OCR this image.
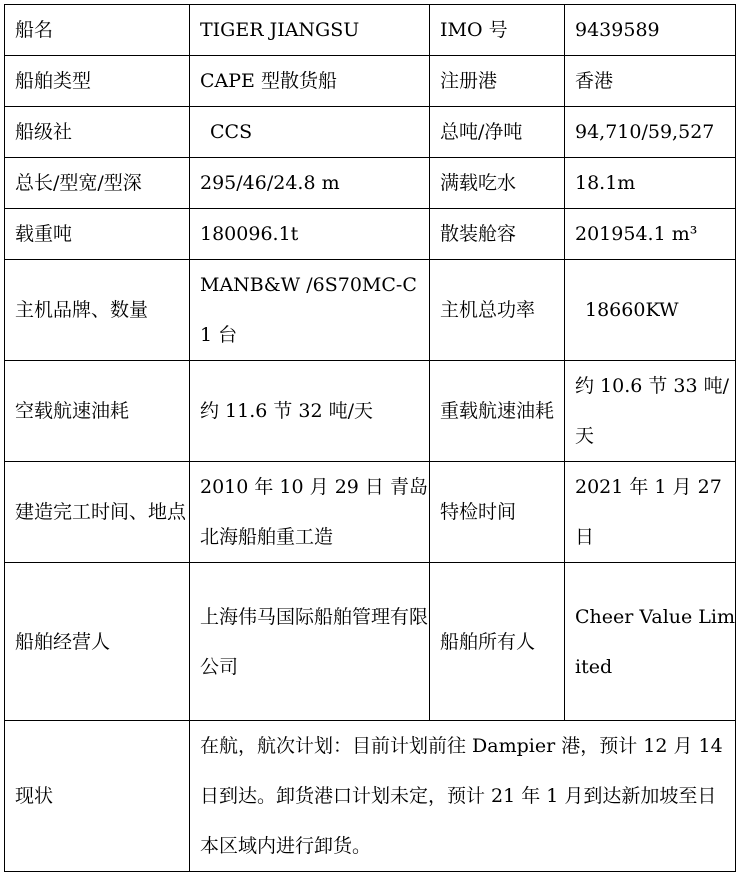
船名	TIGER JIANGSU	IMO 号	9439589
船舶类型	CAPE 型散货船	注册港	香港
船级社	CCS	总吨/净吨	94,710/59,527
总长/型宽/型深	295/46/24.8 m	满载吃水	18.1m
载重吨	180096.1t	散装舱容	201954.1 m³
主机品牌、数量	MANB&W /6S70MC-C 1 台	主机总功率	18660KW
空载航速油耗	约 11.6 节 32 吨/天	重载航速油耗	约 10.6 节 33 吨/天
建造完工时间、地点	2010 年 10 月 29 日 青岛北海船舶重工造	特检时间	2021 年 1 月 27 日
船舶经营人	上海伟马国际船舶管理有限公司	船舶所有人	Cheer Value Limited
现状	在航，航次计划：目前计划前往 Dampier 港，预计 12 月 14 日到达。卸货港口计划未定，预计 21 年 1 月到达新加坡至日本区域内进行卸货。		
